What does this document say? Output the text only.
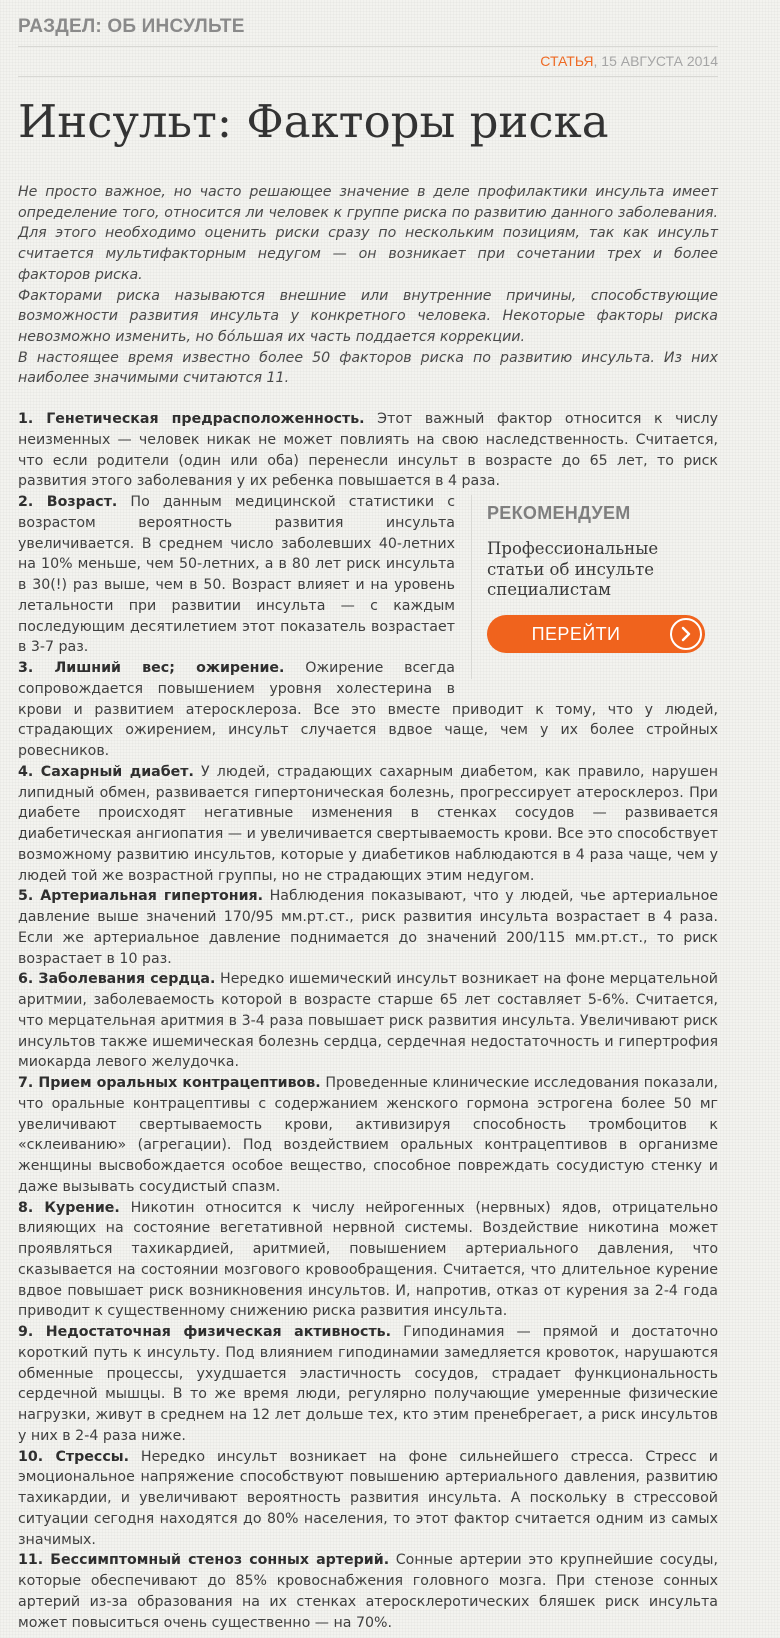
РАЗДЕЛ: ОБ ИНСУЛЬТЕ
СТАТЬЯ, 15 АВГУСТА 2014
Инсульт: Факторы риска

Не просто важное, но часто решающее значение в деле профилактики инсульта имеет определение того, относится ли человек к группе риска по развитию данного заболевания. Для этого необходимо оценить риски сразу по нескольким позициям, так как инсульт считается мультифакторным недугом — он возникает при сочетании трех и более факторов риска.

Факторами риска называются внешние или внутренние причины, способствующие возможности развития инсульта у конкретного человека. Некоторые факторы риска невозможно изменить, но бóльшая их часть поддается коррекции.

В настоящее время известно более 50 факторов риска по развитию инсульта. Из них наиболее значимыми считаются 11.

1. Генетическая предрасположенность. Этот важный фактор относится к числу неизменных — человек никак не может повлиять на свою наследственность. Считается, что если родители (один или оба) перенесли инсульт в возрасте до 65 лет, то риск развития этого заболевания у их ребенка повышается в 4 раза.

РЕКОМЕНДУЕМ
Профессиональные статьи об инсульте специалистам
ПЕРЕЙТИ

2. Возраст. По данным медицинской статистики с возрастом вероятность развития инсульта увеличивается. В среднем число заболевших 40-летних на 10% меньше, чем 50-летних, а в 80 лет риск инсульта в 30(!) раз выше, чем в 50. Возраст влияет и на уровень летальности при развитии инсульта — с каждым последующим десятилетием этот показатель возрастает в 3-7 раз.

3. Лишний вес; ожирение. Ожирение всегда сопровождается повышением уровня холестерина в крови и развитием атеросклероза. Все это вместе приводит к тому, что у людей, страдающих ожирением, инсульт случается вдвое чаще, чем у их более стройных ровесников.

4. Сахарный диабет. У людей, страдающих сахарным диабетом, как правило, нарушен липидный обмен, развивается гипертоническая болезнь, прогрессирует атеросклероз. При диабете происходят негативные изменения в стенках сосудов — развивается диабетическая ангиопатия — и увеличивается свертываемость крови. Все это способствует возможному развитию инсультов, которые у диабетиков наблюдаются в 4 раза чаще, чем у людей той же возрастной группы, но не страдающих этим недугом.

5. Артериальная гипертония. Наблюдения показывают, что у людей, чье артериальное давление выше значений 170/95 мм.рт.ст., риск развития инсульта возрастает в 4 раза. Если же артериальное давление поднимается до значений 200/115 мм.рт.ст., то риск возрастает в 10 раз.

6. Заболевания сердца. Нередко ишемический инсульт возникает на фоне мерцательной аритмии, заболеваемость которой в возрасте старше 65 лет составляет 5-6%. Считается, что мерцательная аритмия в 3-4 раза повышает риск развития инсульта. Увеличивают риск инсультов также ишемическая болезнь сердца, сердечная недостаточность и гипертрофия миокарда левого желудочка.

7. Прием оральных контрацептивов. Проведенные клинические исследования показали, что оральные контрацептивы с содержанием женского гормона эстрогена более 50 мг увеличивают свертываемость крови, активизируя способность тромбоцитов к «склеиванию» (агрегации). Под воздействием оральных контрацептивов в организме женщины высвобождается особое вещество, способное повреждать сосудистую стенку и даже вызывать сосудистый спазм.

8. Курение. Никотин относится к числу нейрогенных (нервных) ядов, отрицательно влияющих на состояние вегетативной нервной системы. Воздействие никотина может проявляться тахикардией, аритмией, повышением артериального давления, что сказывается на состоянии мозгового кровообращения. Считается, что длительное курение вдвое повышает риск возникновения инсультов. И, напротив, отказ от курения за 2-4 года приводит к существенному снижению риска развития инсульта.

9. Недостаточная физическая активность. Гиподинамия — прямой и достаточно короткий путь к инсульту. Под влиянием гиподинамии замедляется кровоток, нарушаются обменные процессы, ухудшается эластичность сосудов, страдает функциональность сердечной мышцы. В то же время люди, регулярно получающие умеренные физические нагрузки, живут в среднем на 12 лет дольше тех, кто этим пренебрегает, а риск инсультов у них в 2-4 раза ниже.

10. Стрессы. Нередко инсульт возникает на фоне сильнейшего стресса. Стресс и эмоциональное напряжение способствуют повышению артериального давления, развитию тахикардии, и увеличивают вероятность развития инсульта. А поскольку в стрессовой ситуации сегодня находятся до 80% населения, то этот фактор считается одним из самых значимых.

11. Бессимптомный стеноз сонных артерий. Сонные артерии это крупнейшие сосуды, которые обеспечивают до 85% кровоснабжения головного мозга. При стенозе сонных артерий из-за образования на их стенках атеросклеротических бляшек риск инсульта может повыситься очень существенно — на 70%.
